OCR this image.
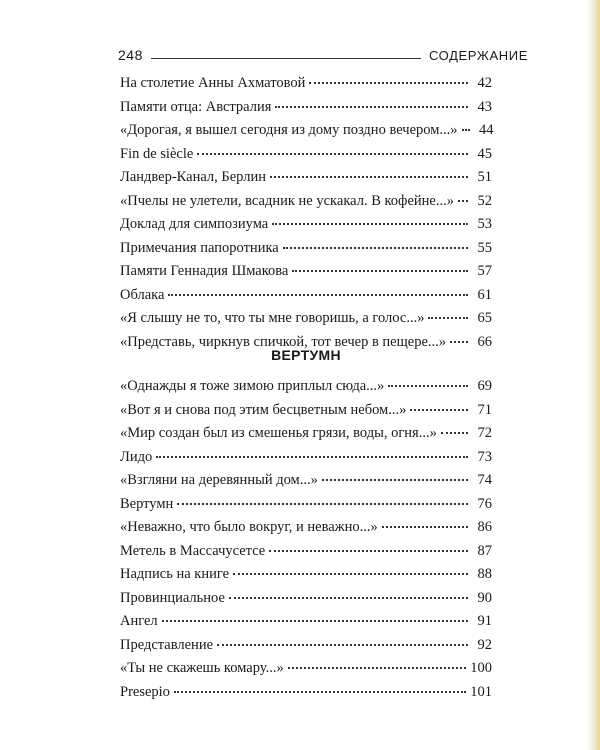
248	СОДЕРЖАНИЕ
На столетие Анны Ахматовой	42
Памяти отца: Австралия	43
«Дорогая, я вышел сегодня из дому поздно вечером...»	44
Fin de siècle	45
Ландвер-Канал, Берлин	51
«Пчелы не улетели, всадник не ускакал. В кофейне...»	52
Доклад для симпозиума	53
Примечания папоротника	55
Памяти Геннадия Шмакова	57
Облака	61
«Я слышу не то, что ты мне говоришь, а голос...»	65
«Представь, чиркнув спичкой, тот вечер в пещере...»	66
ВЕРТУМН
«Однажды я тоже зимою приплыл сюда...»	69
«Вот я и снова под этим бесцветным небом...»	71
«Мир создан был из смешенья грязи, воды, огня...»	72
Лидо	73
«Взгляни на деревянный дом...»	74
Вертумн	76
«Неважно, что было вокруг, и неважно...»	86
Метель в Массачусетсе	87
Надпись на книге	88
Провинциальное	90
Ангел	91
Представление	92
«Ты не скажешь комару...»	100
Presepio	101
